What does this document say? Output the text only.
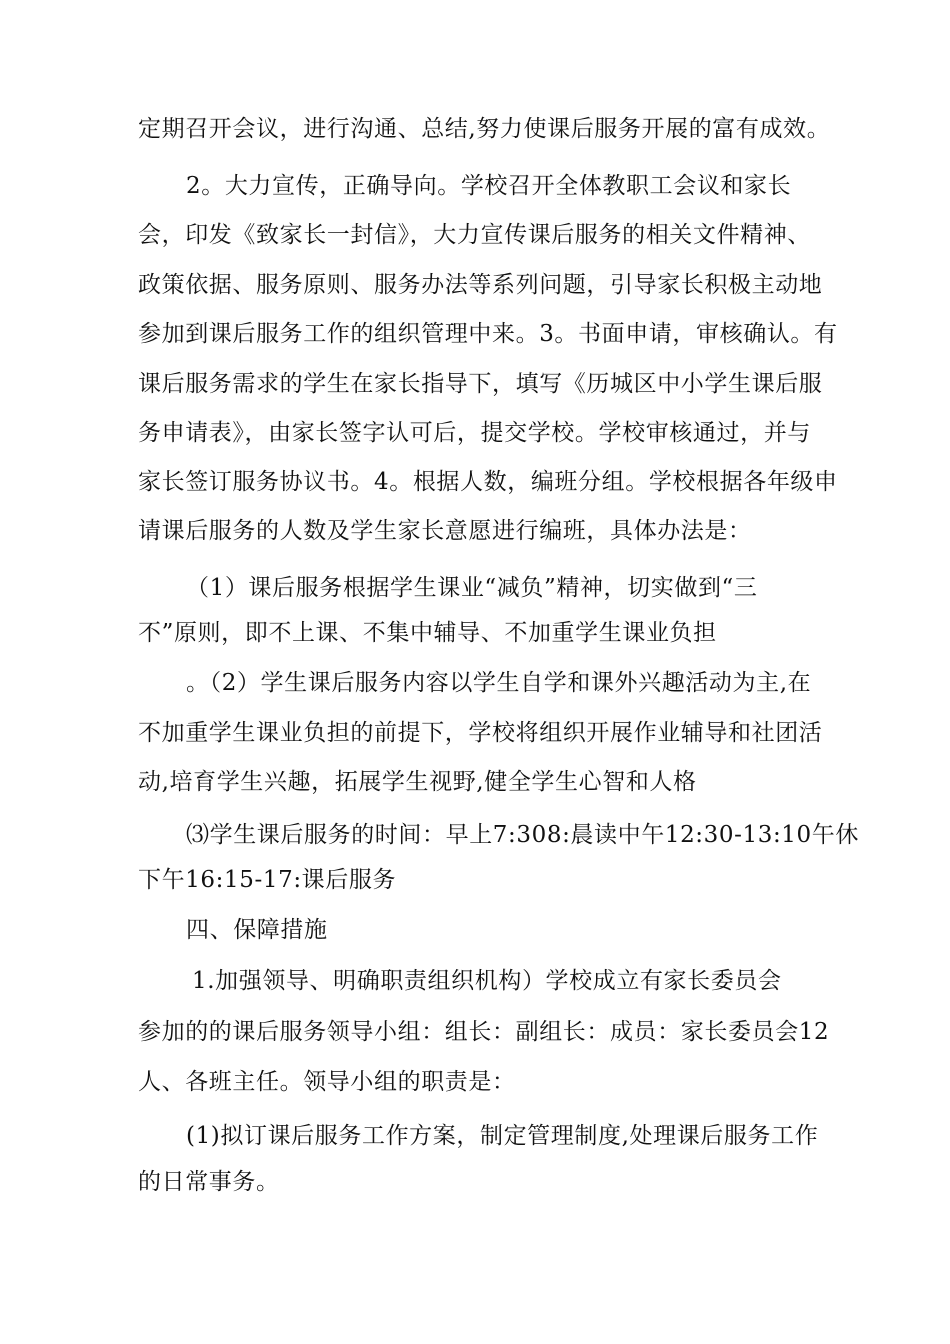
定期召开会议，进行沟通、总结,努力使课后服务开展的富有成效。
2。大力宣传，正确导向。学校召开全体教职工会议和家长
会，印发《致家长一封信》，大力宣传课后服务的相关文件精神、
政策依据、服务原则、服务办法等系列问题，引导家长积极主动地
参加到课后服务工作的组织管理中来。3。书面申请，审核确认。有
课后服务需求的学生在家长指导下，填写《历城区中小学生课后服
务申请表》，由家长签字认可后，提交学校。学校审核通过，并与
家长签订服务协议书。4。根据人数，编班分组。学校根据各年级申
请课后服务的人数及学生家长意愿进行编班，具体办法是：
（1）课后服务根据学生课业“减负”精神，切实做到“三
不”原则，即不上课、不集中辅导、不加重学生课业负担
。（2）学生课后服务内容以学生自学和课外兴趣活动为主,在
不加重学生课业负担的前提下，学校将组织开展作业辅导和社团活
动,培育学生兴趣，拓展学生视野,健全学生心智和人格
⑶学生课后服务的时间：早上7:308:晨读中午12:30-13:10午休
下午16:15-17:课后服务
四、保障措施
1.加强领导、明确职责组织机构）学校成立有家长委员会
参加的的课后服务领导小组：组长：副组长：成员：家长委员会12
人、各班主任。领导小组的职责是：
(1)拟订课后服务工作方案，制定管理制度,处理课后服务工作
的日常事务。
